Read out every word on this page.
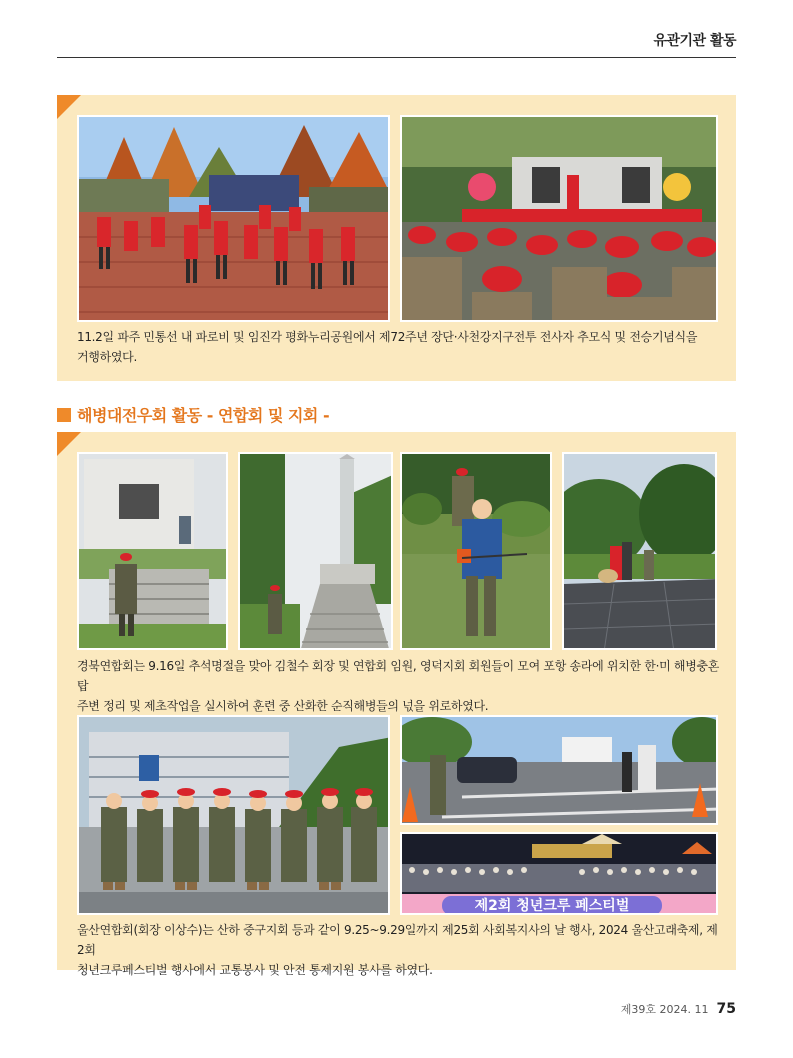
유관기관 활동
11.2일 파주 민통선 내 파로비 및 임진각 평화누리공원에서 제72주년 장단·사천강지구전투 전사자 추모식 및 전승기념식을
거행하였다.
해병대전우회 활동 - 연합회 및 지회 -
경북연합회는 9.16일 추석명절을 맞아 김철수 회장 및 연합회 임원, 영덕지회 회원들이 모여 포항 송라에 위치한 한·미 해병충혼탑
주변 정리 및 제초작업을 실시하여 훈련 중 산화한 순직해병들의 넋을 위로하였다.
제2회 청년크루 페스티벌
울산연합회(회장 이상수)는 산하 중구지회 등과 같이 9.25~9.29일까지 제25회 사회복지사의 날 행사, 2024 울산고래축제, 제2회
청년크루페스티벌 행사에서 교통봉사 및 안전 통제지원 봉사를 하였다.
제39호 2024. 11 75
